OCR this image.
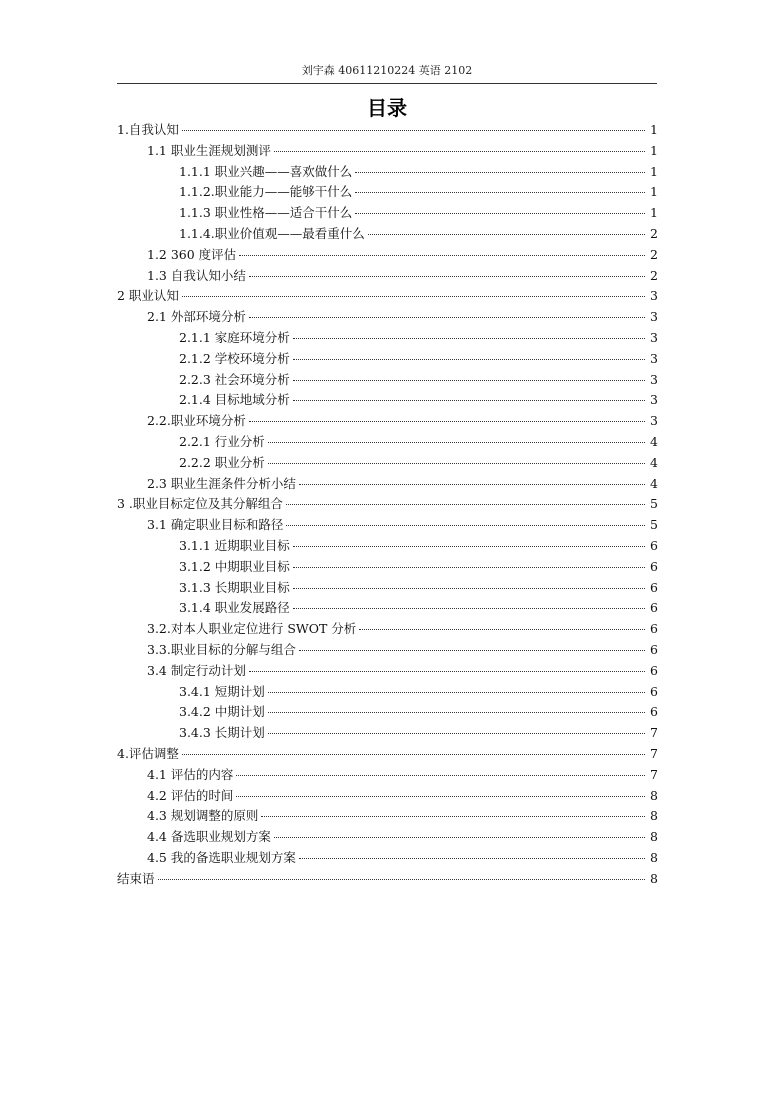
刘宇森 40611210224 英语 2102
目录
1.自我认知	1
1.1 职业生涯规划测评	1
1.1.1 职业兴趣——喜欢做什么	1
1.1.2.职业能力——能够干什么	1
1.1.3 职业性格——适合干什么	1
1.1.4.职业价值观——最看重什么	2
1.2 360 度评估	2
1.3 自我认知小结	2
2 职业认知	3
2.1 外部环境分析	3
2.1.1 家庭环境分析	3
2.1.2 学校环境分析	3
2.2.3 社会环境分析	3
2.1.4 目标地域分析	3
2.2.职业环境分析	3
2.2.1 行业分析	4
2.2.2 职业分析	4
2.3 职业生涯条件分析小结	4
3 .职业目标定位及其分解组合	5
3.1 确定职业目标和路径	5
3.1.1 近期职业目标	6
3.1.2 中期职业目标	6
3.1.3 长期职业目标	6
3.1.4 职业发展路径	6
3.2.对本人职业定位进行 SWOT 分析	6
3.3.职业目标的分解与组合	6
3.4 制定行动计划	6
3.4.1 短期计划	6
3.4.2 中期计划	6
3.4.3 长期计划	7
4.评估调整	7
4.1 评估的内容	7
4.2 评估的时间	8
4.3 规划调整的原则	8
4.4 备选职业规划方案	8
4.5 我的备选职业规划方案	8
结束语	8
